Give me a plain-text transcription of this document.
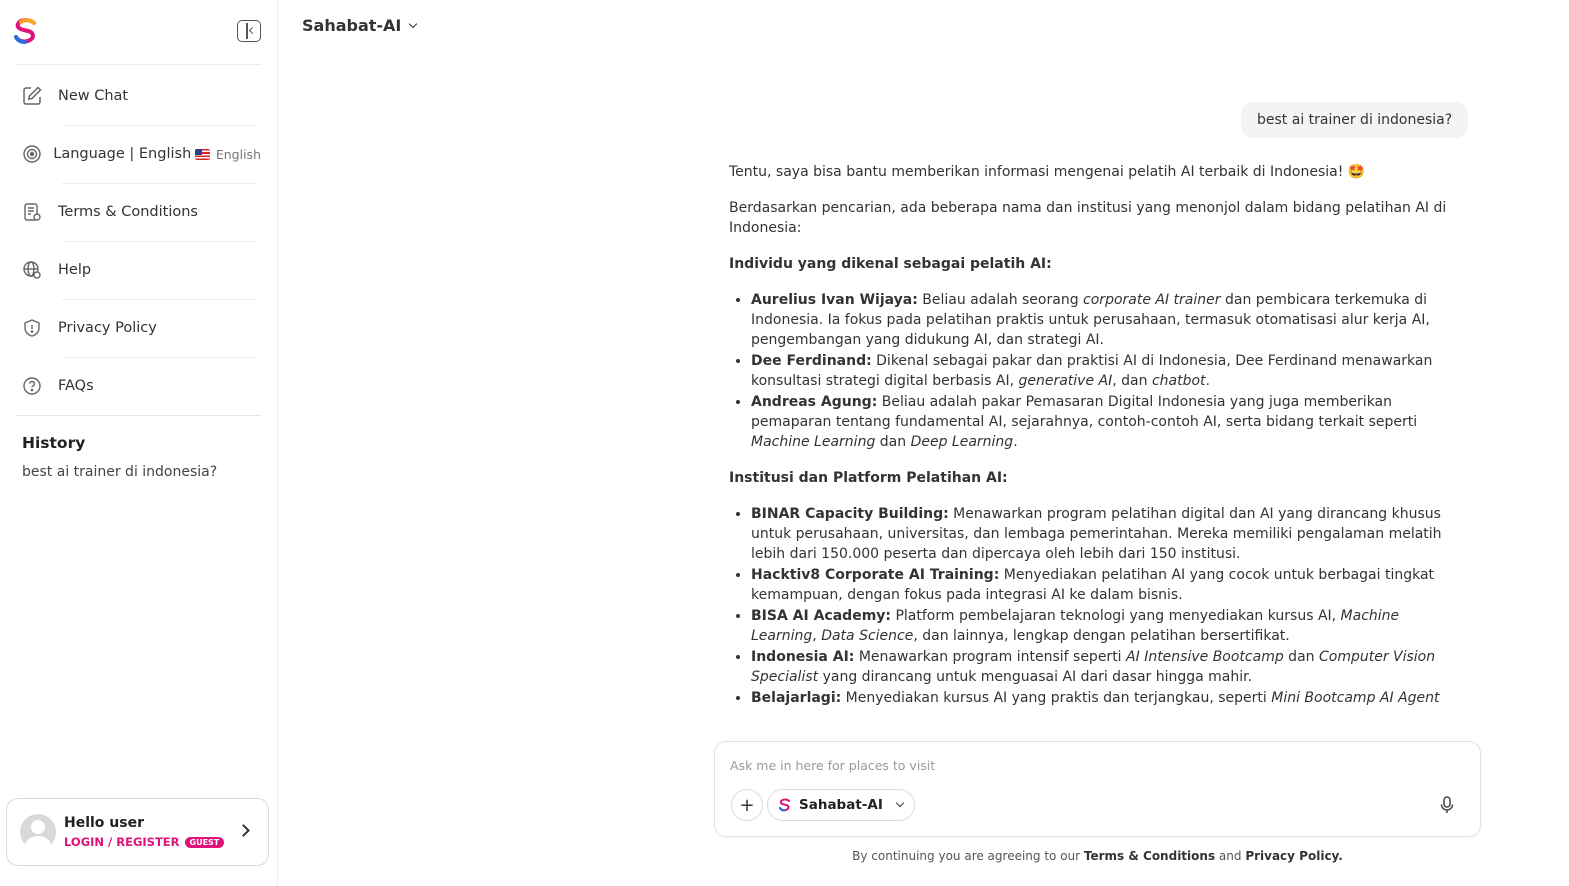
New Chat
Language | English English
Terms & Conditions
Help
Privacy Policy
FAQs
History
best ai trainer di indonesia?
Hello user
LOGIN / REGISTER	GUEST
Sahabat-AI
best ai trainer di indonesia?

Tentu, saya bisa bantu memberikan informasi mengenai pelatih AI terbaik di Indonesia! 🤩

Berdasarkan pencarian, ada beberapa nama dan institusi yang menonjol dalam bidang pelatihan AI di Indonesia:

Individu yang dikenal sebagai pelatih AI:

• Aurelius Ivan Wijaya: Beliau adalah seorang corporate AI trainer dan pembicara terkemuka di Indonesia. Ia fokus pada pelatihan praktis untuk perusahaan, termasuk otomatisasi alur kerja AI, pengembangan yang didukung AI, dan strategi AI.
• Dee Ferdinand: Dikenal sebagai pakar dan praktisi AI di Indonesia, Dee Ferdinand menawarkan konsultasi strategi digital berbasis AI, generative AI, dan chatbot.
• Andreas Agung: Beliau adalah pakar Pemasaran Digital Indonesia yang juga memberikan pemaparan tentang fundamental AI, sejarahnya, contoh-contoh AI, serta bidang terkait seperti Machine Learning dan Deep Learning.

Institusi dan Platform Pelatihan AI:

• BINAR Capacity Building: Menawarkan program pelatihan digital dan AI yang dirancang khusus untuk perusahaan, universitas, dan lembaga pemerintahan. Mereka memiliki pengalaman melatih lebih dari 150.000 peserta dan dipercaya oleh lebih dari 150 institusi.
• Hacktiv8 Corporate AI Training: Menyediakan pelatihan AI yang cocok untuk berbagai tingkat kemampuan, dengan fokus pada integrasi AI ke dalam bisnis.
• BISA AI Academy: Platform pembelajaran teknologi yang menyediakan kursus AI, Machine Learning, Data Science, dan lainnya, lengkap dengan pelatihan bersertifikat.
• Indonesia AI: Menawarkan program intensif seperti AI Intensive Bootcamp dan Computer Vision Specialist yang dirancang untuk menguasai AI dari dasar hingga mahir.
• Belajarlagi: Menyediakan kursus AI yang praktis dan terjangkau, seperti Mini Bootcamp AI Agent
Ask me in here for places to visit
+	Sahabat-AI
By continuing you are agreeing to our Terms & Conditions and Privacy Policy.
